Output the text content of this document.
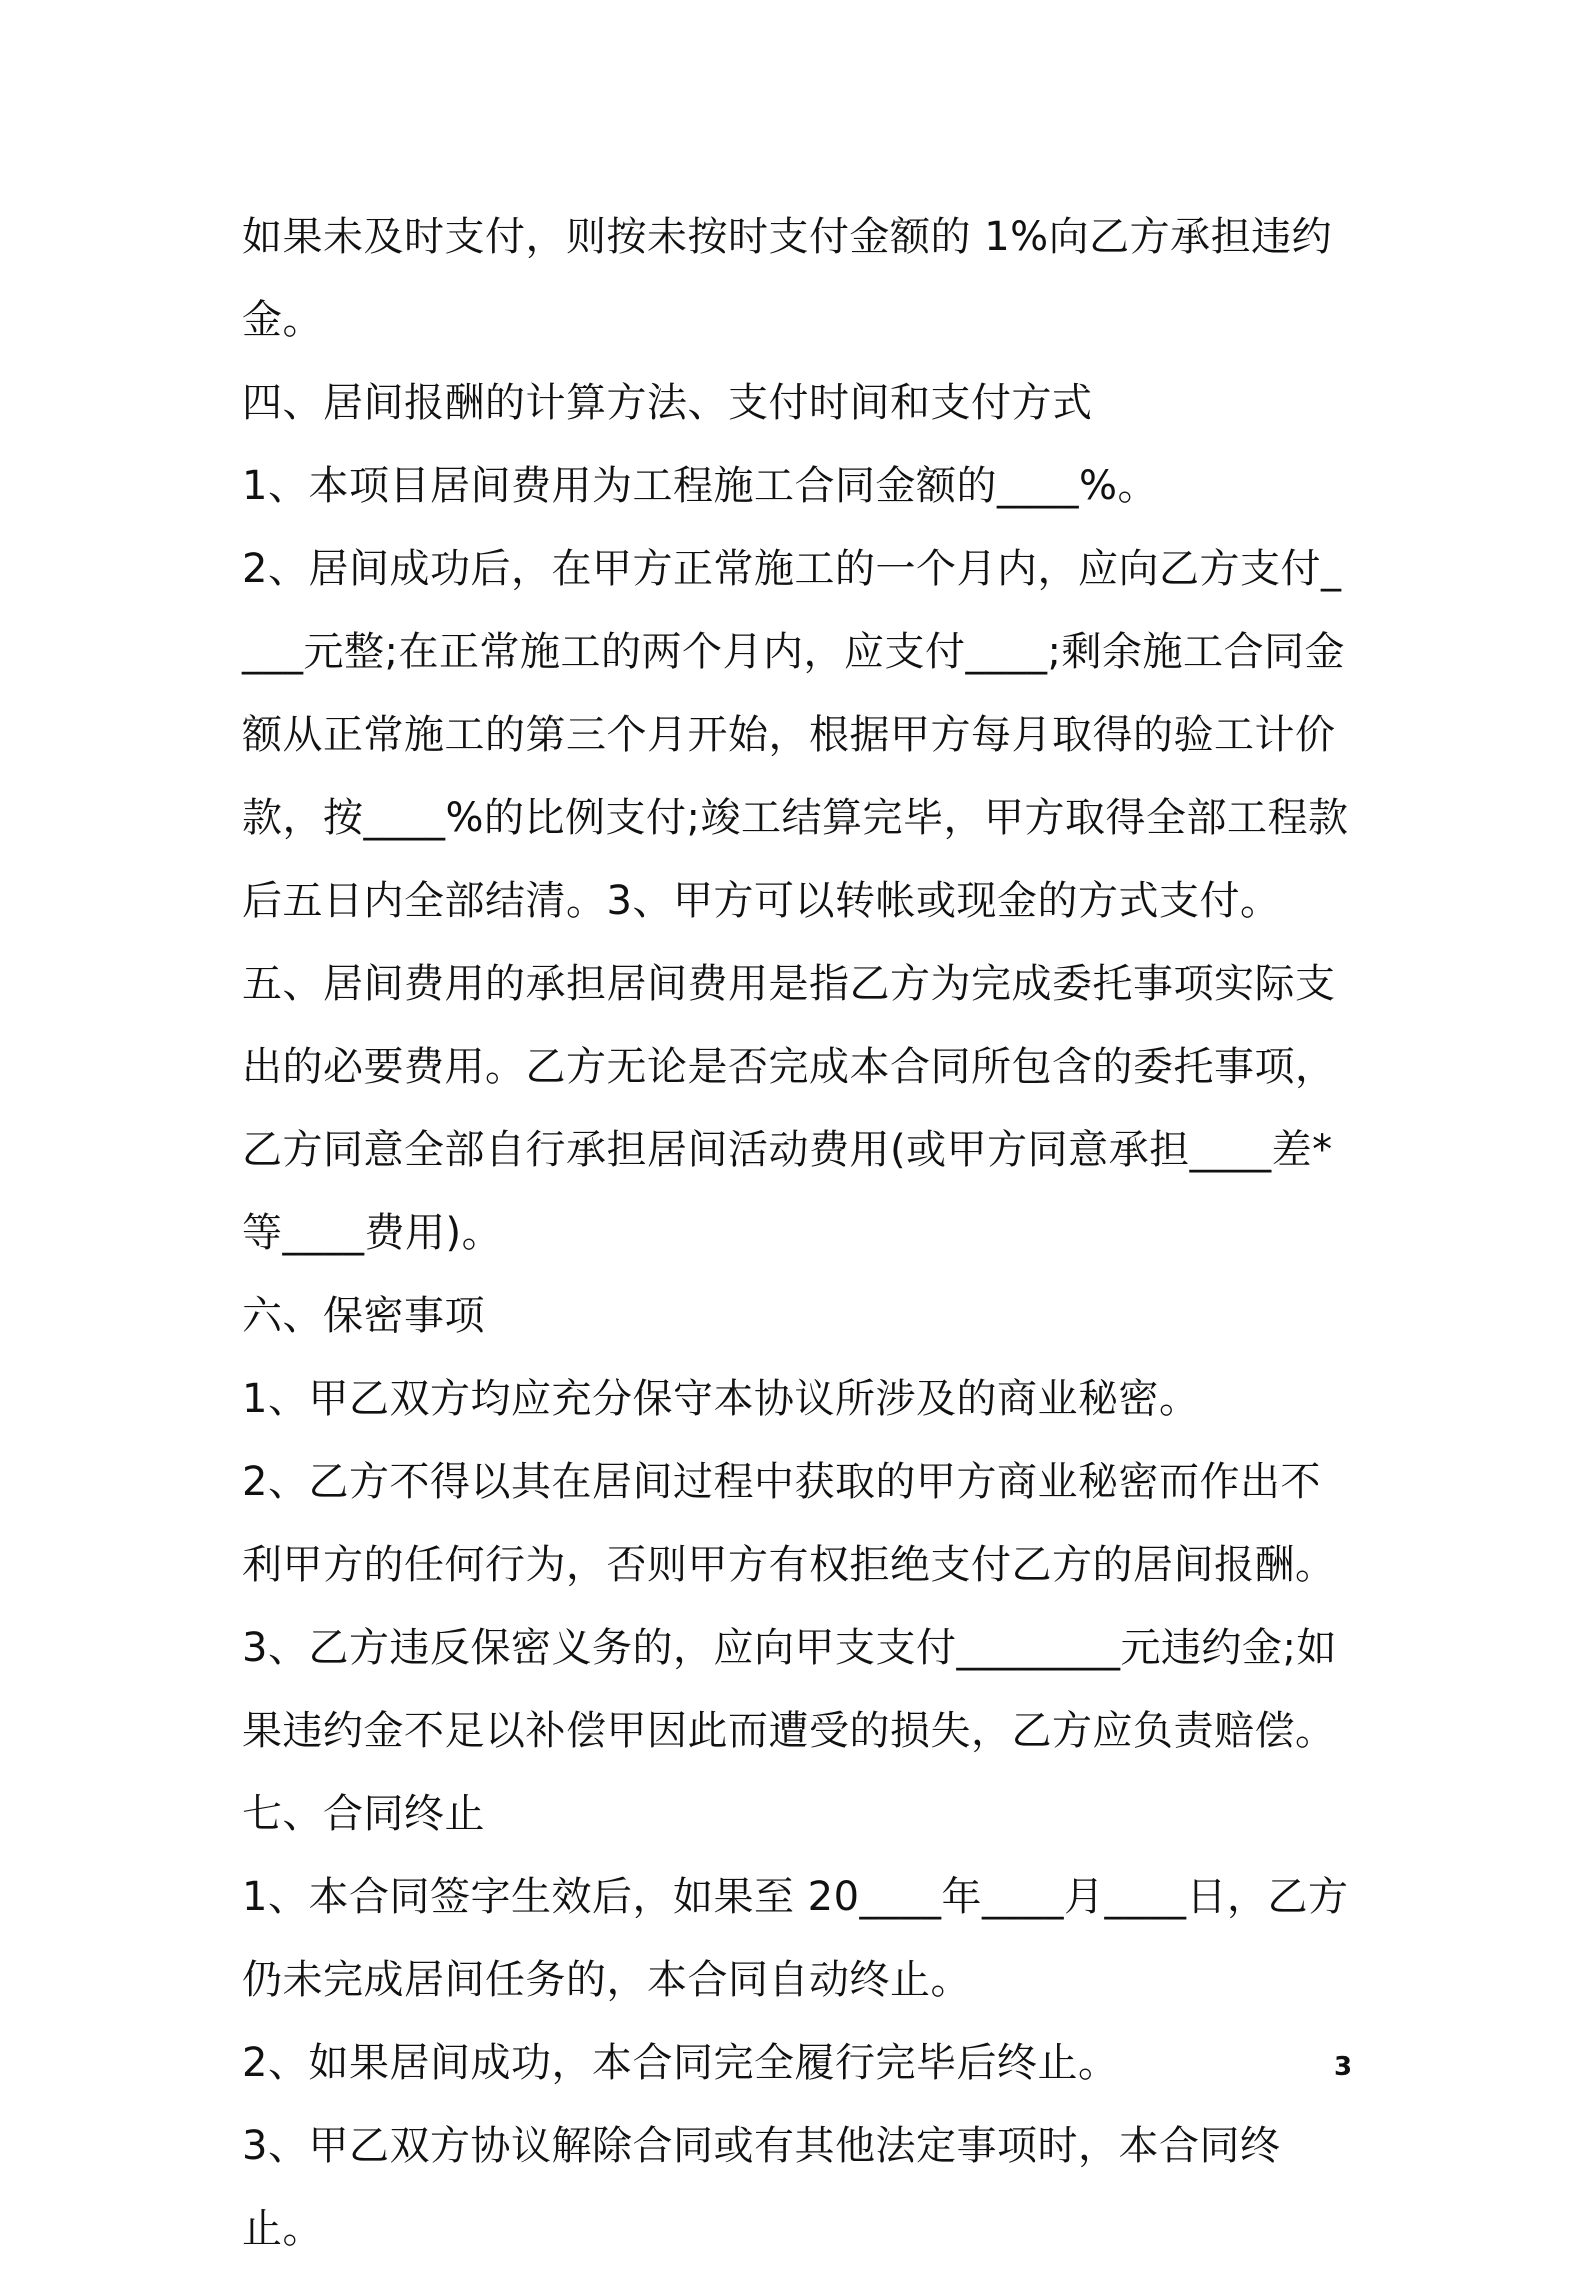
如果未及时支付，则按未按时支付金额的 1%向乙方承担违约金。

四、居间报酬的计算方法、支付时间和支付方式

1、本项目居间费用为工程施工合同金额的____%。

2、居间成功后，在甲方正常施工的一个月内，应向乙方支付____元整;在正常施工的两个月内，应支付____;剩余施工合同金额从正常施工的第三个月开始，根据甲方每月取得的验工计价款，按____%的比例支付;竣工结算完毕，甲方取得全部工程款后五日内全部结清。3、甲方可以转帐或现金的方式支付。

五、居间费用的承担居间费用是指乙方为完成委托事项实际支出的必要费用。乙方无论是否完成本合同所包含的委托事项，乙方同意全部自行承担居间活动费用(或甲方同意承担____差*等____费用)。

六、保密事项

1、甲乙双方均应充分保守本协议所涉及的商业秘密。

2、乙方不得以其在居间过程中获取的甲方商业秘密而作出不利甲方的任何行为，否则甲方有权拒绝支付乙方的居间报酬。

3、乙方违反保密义务的，应向甲支支付________元违约金;如果违约金不足以补偿甲因此而遭受的损失，乙方应负责赔偿。

七、合同终止

1、本合同签字生效后，如果至 20____年____月____日，乙方仍未完成居间任务的，本合同自动终止。

2、如果居间成功，本合同完全履行完毕后终止。

3、甲乙双方协议解除合同或有其他法定事项时，本合同终止。

3
